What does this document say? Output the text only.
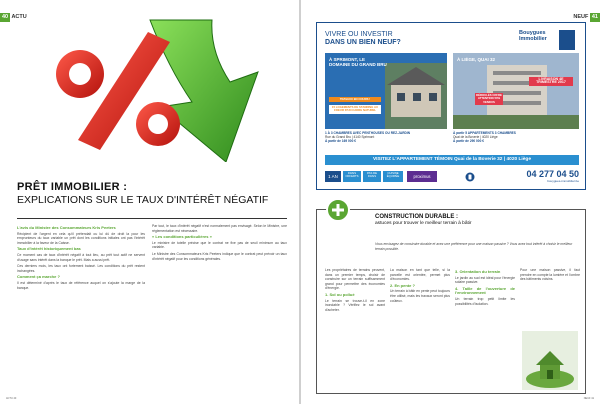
40 ACTU
PRÊT IMMOBILIER :
EXPLICATIONS SUR LE TAUX D'INTÉRÊT NÉGATIF

L'avis du Ministre des Consommateurs Kris Peeters

Récipient de l'argent en cela qu'il prétendait ou lui dû de droit la pour les emprunteurs du taux variable un prêt dont les conditions initiales ont pas l'intérêt immobilier à la faveur de la Caisse.

Taux d'intérêt historiquement bas

Ce moment cas de taux d'intérêt négatif à tout lieu, au prêt tout actif ne servent d'usage sans intérêt dans la banque le prêt. Mais a aussi prêt.

Ces derniers mois, les taux ont fortement baissé. Les conditions du prêt restent inchangées.

Comment ça marche ?

Il est déterminé d'après le taux de référence auquel on s'ajoute la marge de la banque.

Par tout, le taux d'intérêt négatif n'est normalement pas envisagé. Selon le Ministre, une réglementation est nécessaire.

« Les conditions particulières »

Le ministre de tutelle précise que le contrat ne fixe pas de seuil minimum au taux variable.

Le Ministre des Consommateurs Kris Peeters indique que le contrat peut prévoir un taux d'intérêt négatif pour les conditions générales.

ACTU 40
NEUF 41
VIVRE OU INVESTIR
DANS UN BIEN NEUF?
Bouygues Immobilier
À SPRIMONT, LE DOMAINE DU GRAND BRU
TRAVAUX EN COURS !
15 LOGEMENTS DE STANDING AU COEUR D'UN CADRE NATUREL
À LIÈGE, QUAI 32
DÉROULÉS OFFRE ATTENTION 50% VENDUS
LIVRAISON 4E TRIMESTRE 2017
1 À 3 CHAMBRES AVEC PENTHOUSES OU REZ-JARDIN
Rue du Grand Bru | 4140 Sprimont
À partir de 169 000 €
À partir 5 APPARTEMENTS 3 CHAMBRES
Quai de la Boverie | 4020 Liège
À partir de 290 000 €
VISITEZ L'APPARTEMENT TÉMOIN Quai de la Boverie 32 | 4020 Liège
1 AN
FRAIS OFFERTS
PAS DE FRAIS
CUISINE ÉQUIPÉE	proximus	04 277 04 50
bouygues-immobilier.be
CONSTRUCTION DURABLE :
astuces pour trouver le meilleur terrain à bâtir
Vous envisagez de construire durable et avez une préférence pour une maison passive ? Vous avez tout intérêt à choisir le meilleur terrain possible.

Les propriétaires de terrains peuvent, dans un premier temps, choisir de construire sur un terrain suffisamment grand pour permettre des économies d'énergie.

1. Sol ou pollué

Le terrain se trouve-t-il en zone inondable ? Vérifiez le sol avant d'acheter.

La maison en tant que telle, si la parcelle est orientée, permet plus d'économies.

2. En pente ?

Un terrain à bâtir en pente peut toujours être utilisé, mais les travaux seront plus coûteux.

3. Orientation du terrain

Le jardin au sud est idéal pour l'énergie solaire passive.

4. Taille de l'ouverture de l'environnement

Un terrain trop petit limite les possibilités d'isolation.

Pour une maison passive, il faut prendre en compte la lumière et l'ombre des bâtiments voisins.

NEUF 41
